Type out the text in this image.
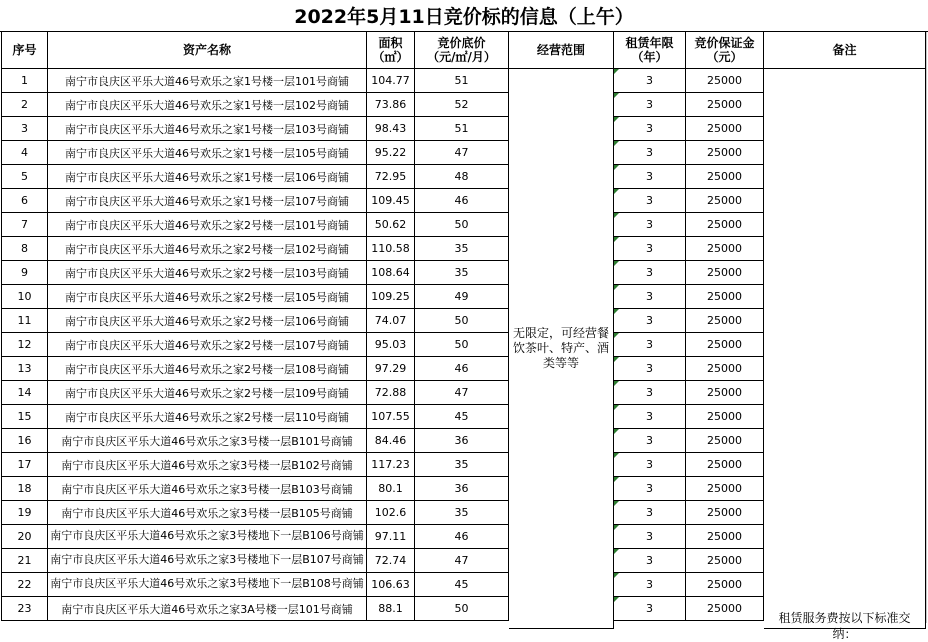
2022年5月11日竞价标的信息（上午）
序号	资产名称	面积
（㎡）
竞价底价
（元/㎡/月）	经营范围	租赁年限
（年）
竞价保证金
（元）	备注
1	南宁市良庆区平乐大道46号欢乐之家1号楼一层101号商铺	104.77	51	3	25000
2	南宁市良庆区平乐大道46号欢乐之家1号楼一层102号商铺	73.86	52	3	25000
3	南宁市良庆区平乐大道46号欢乐之家1号楼一层103号商铺	98.43	51	3	25000
4	南宁市良庆区平乐大道46号欢乐之家1号楼一层105号商铺	95.22	47	3	25000
5	南宁市良庆区平乐大道46号欢乐之家1号楼一层106号商铺	72.95	48	3	25000
6	南宁市良庆区平乐大道46号欢乐之家1号楼一层107号商铺	109.45	46	3	25000
7	南宁市良庆区平乐大道46号欢乐之家2号楼一层101号商铺	50.62	50	3	25000
8	南宁市良庆区平乐大道46号欢乐之家2号楼一层102号商铺	110.58	35	3	25000
9	南宁市良庆区平乐大道46号欢乐之家2号楼一层103号商铺	108.64	35	3	25000
10	南宁市良庆区平乐大道46号欢乐之家2号楼一层105号商铺	109.25	49	3	25000
11	南宁市良庆区平乐大道46号欢乐之家2号楼一层106号商铺	74.07	50	3	25000
12	南宁市良庆区平乐大道46号欢乐之家2号楼一层107号商铺	95.03	50	3	25000
13	南宁市良庆区平乐大道46号欢乐之家2号楼一层108号商铺	97.29	46	3	25000
14	南宁市良庆区平乐大道46号欢乐之家2号楼一层109号商铺	72.88	47	3	25000
15	南宁市良庆区平乐大道46号欢乐之家2号楼一层110号商铺	107.55	45	3	25000
16	南宁市良庆区平乐大道46号欢乐之家3号楼一层B101号商铺	84.46	36	3	25000
17	南宁市良庆区平乐大道46号欢乐之家3号楼一层B102号商铺	117.23	35	3	25000
18	南宁市良庆区平乐大道46号欢乐之家3号楼一层B103号商铺	80.1	36	3	25000
19	南宁市良庆区平乐大道46号欢乐之家3号楼一层B105号商铺	102.6	35	3	25000
20	南宁市良庆区平乐大道46号欢乐之家3号楼地下一层B106号商铺 97.11	46	3	25000
21	南宁市良庆区平乐大道46号欢乐之家3号楼地下一层B107号商铺 72.74	47	3	25000
22	南宁市良庆区平乐大道46号欢乐之家3号楼地下一层B108号商铺 106.63	45	3	25000
23	南宁市良庆区平乐大道46号欢乐之家3A号楼一层101号商铺	88.1	50	3	25000
无限定，可经营餐饮茶叶、特产、酒类等等
租赁服务费按以下标准交纳：
